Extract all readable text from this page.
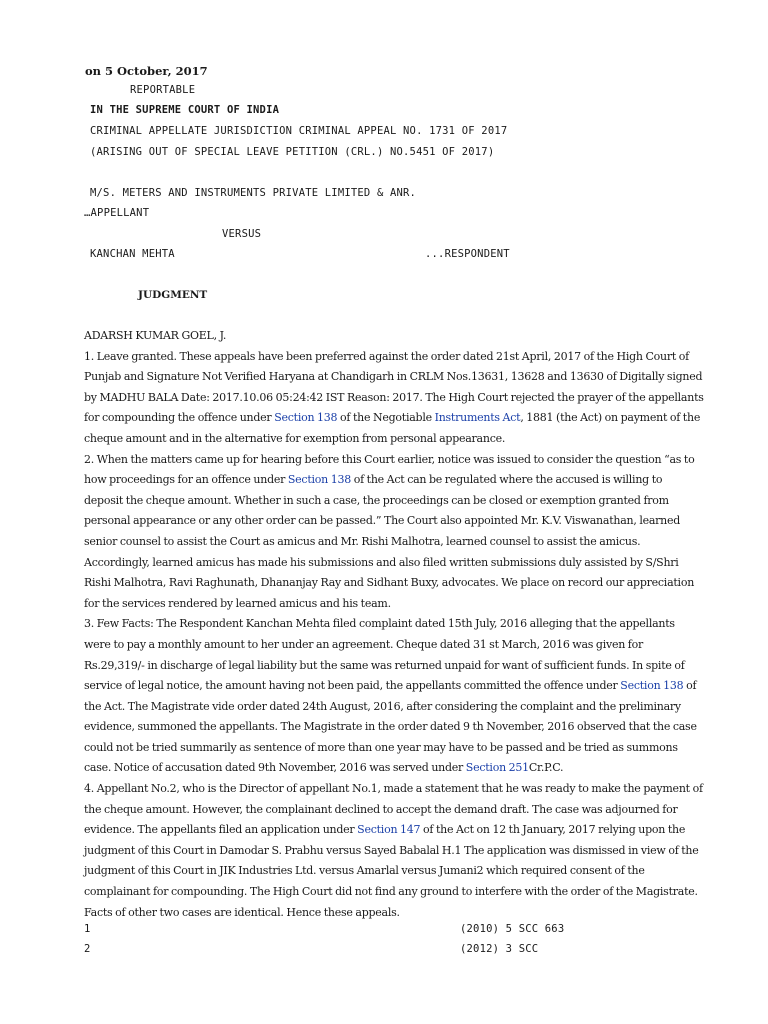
on 5 October, 2017
REPORTABLE
IN THE SUPREME COURT OF INDIA
CRIMINAL APPELLATE JURISDICTION CRIMINAL APPEAL NO. 1731 OF 2017
(ARISING OUT OF SPECIAL LEAVE PETITION (CRL.) NO.5451 OF 2017)
M/S. METERS AND INSTRUMENTS PRIVATE LIMITED & ANR.
…APPELLANT
VERSUS
KANCHAN MEHTA	...RESPONDENT
JUDGMENT

ADARSH KUMAR GOEL, J.

1. Leave granted. These appeals have been preferred against the order dated 21st April, 2017 of the High Court of Punjab and Signature Not Verified Haryana at Chandigarh in CRLM Nos.13631, 13628 and 13630 of Digitally signed by MADHU BALA Date: 2017.10.06 05:24:42 IST Reason: 2017. The High Court rejected the prayer of the appellants for compounding the offence under Section 138 of the Negotiable Instruments Act, 1881 (the Act) on payment of the cheque amount and in the alternative for exemption from personal appearance.

2. When the matters came up for hearing before this Court earlier, notice was issued to consider the question “as to how proceedings for an offence under Section 138 of the Act can be regulated where the accused is willing to deposit the cheque amount. Whether in such a case, the proceedings can be closed or exemption granted from personal appearance or any other order can be passed.” The Court also appointed Mr. K.V. Viswanathan, learned senior counsel to assist the Court as amicus and Mr. Rishi Malhotra, learned counsel to assist the amicus. Accordingly, learned amicus has made his submissions and also filed written submissions duly assisted by S/Shri Rishi Malhotra, Ravi Raghunath, Dhananjay Ray and Sidhant Buxy, advocates. We place on record our appreciation for the services rendered by learned amicus and his team.

3. Few Facts: The Respondent Kanchan Mehta filed complaint dated 15th July, 2016 alleging that the appellants were to pay a monthly amount to her under an agreement. Cheque dated 31 st March, 2016 was given for Rs.29,319/- in discharge of legal liability but the same was returned unpaid for want of sufficient funds. In spite of service of legal notice, the amount having not been paid, the appellants committed the offence under Section 138 of the Act. The Magistrate vide order dated 24th August, 2016, after considering the complaint and the preliminary evidence, summoned the appellants. The Magistrate in the order dated 9 th November, 2016 observed that the case could not be tried summarily as sentence of more than one year may have to be passed and be tried as summons case. Notice of accusation dated 9th November, 2016 was served under Section 251Cr.P.C.

4. Appellant No.2, who is the Director of appellant No.1, made a statement that he was ready to make the payment of the cheque amount. However, the complainant declined to accept the demand draft. The case was adjourned for evidence. The appellants filed an application under Section 147 of the Act on 12 th January, 2017 relying upon the judgment of this Court in Damodar S. Prabhu versus Sayed Babalal H.1 The application was dismissed in view of the judgment of this Court in JIK Industries Ltd. versus Amarlal versus Jumani2 which required consent of the complainant for compounding. The High Court did not find any ground to interfere with the order of the Magistrate. Facts of other two cases are identical. Hence these appeals.

1	(2010) 5 SCC 663
2	(2012) 3 SCC
